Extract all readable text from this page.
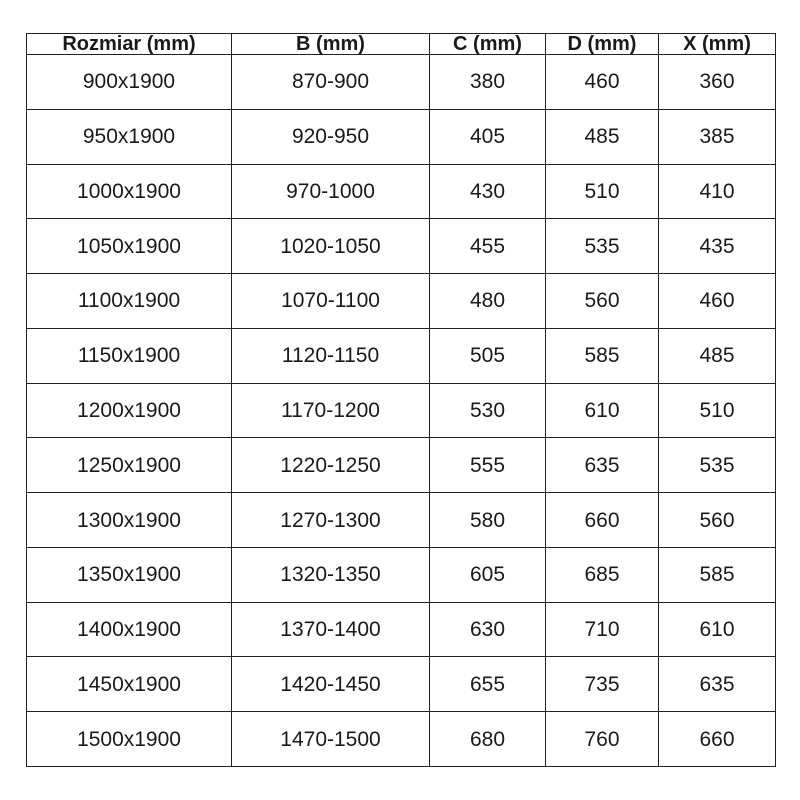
Rozmiar (mm)	B (mm)	C (mm)	D (mm)	X (mm)
900x1900	870-900	380	460	360
950x1900	920-950	405	485	385
1000x1900	970-1000	430	510	410
1050x1900	1020-1050	455	535	435
1100x1900	1070-1100	480	560	460
1150x1900	1120-1150	505	585	485
1200x1900	1170-1200	530	610	510
1250x1900	1220-1250	555	635	535
1300x1900	1270-1300	580	660	560
1350x1900	1320-1350	605	685	585
1400x1900	1370-1400	630	710	610
1450x1900	1420-1450	655	735	635
1500x1900	1470-1500	680	760	660
